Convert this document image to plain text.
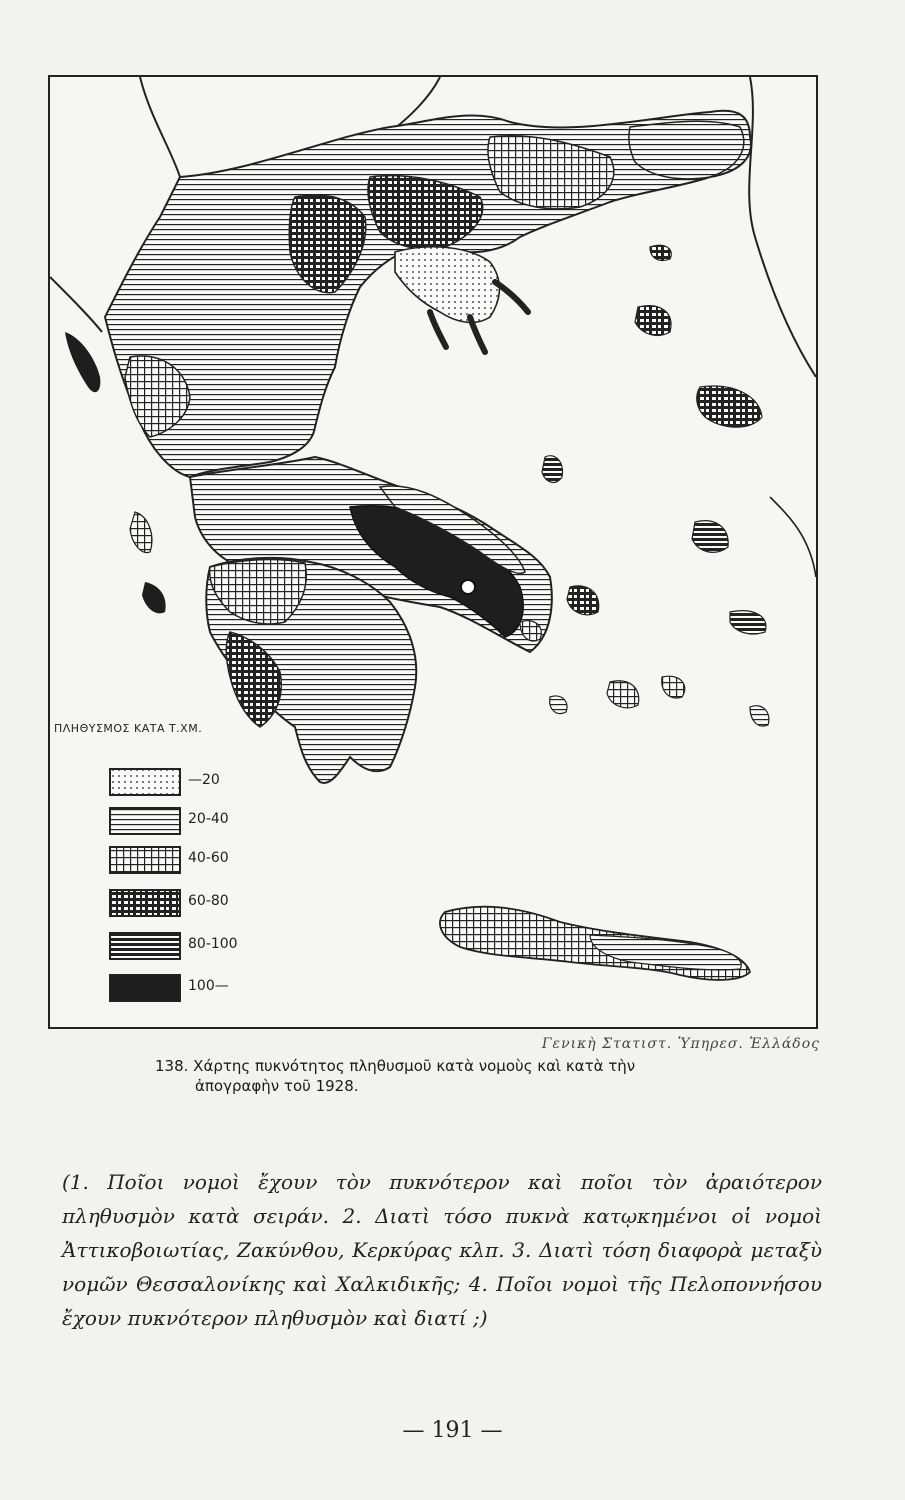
ΠΛΗΘΥΣΜΟΣ ΚΑΤΑ Τ.ΧΜ.
—20
20-40
40-60
60-80
80-100
100—
Γενικὴ Στατιστ. Ὑπηρεσ. Ἑλλάδος
138. Χάρτης πυκνότητος πληθυσμοῦ κατὰ νομοὺς καὶ κατὰ τὴν
ἀπογραφὴν τοῦ 1928.
(1. Ποῖοι νομοὶ ἔχουν τὸν πυκνότερον καὶ ποῖοι τὸν ἀραιότερον πληθυσμὸν κατὰ σειράν. 2. Διατὶ τόσο πυκνὰ κατῳκημένοι οἱ νομοὶ Ἀττικοβοιωτίας, Ζακύνθου, Κερκύρας κλπ. 3. Διατὶ τόση διαφορὰ μεταξὺ νομῶν Θεσσαλονίκης καὶ Χαλκιδικῆς; 4. Ποῖοι νομοὶ τῆς Πελοποννήσου ἔχουν πυκνότερον πληθυσμὸν καὶ διατί ;)
— 191 —
